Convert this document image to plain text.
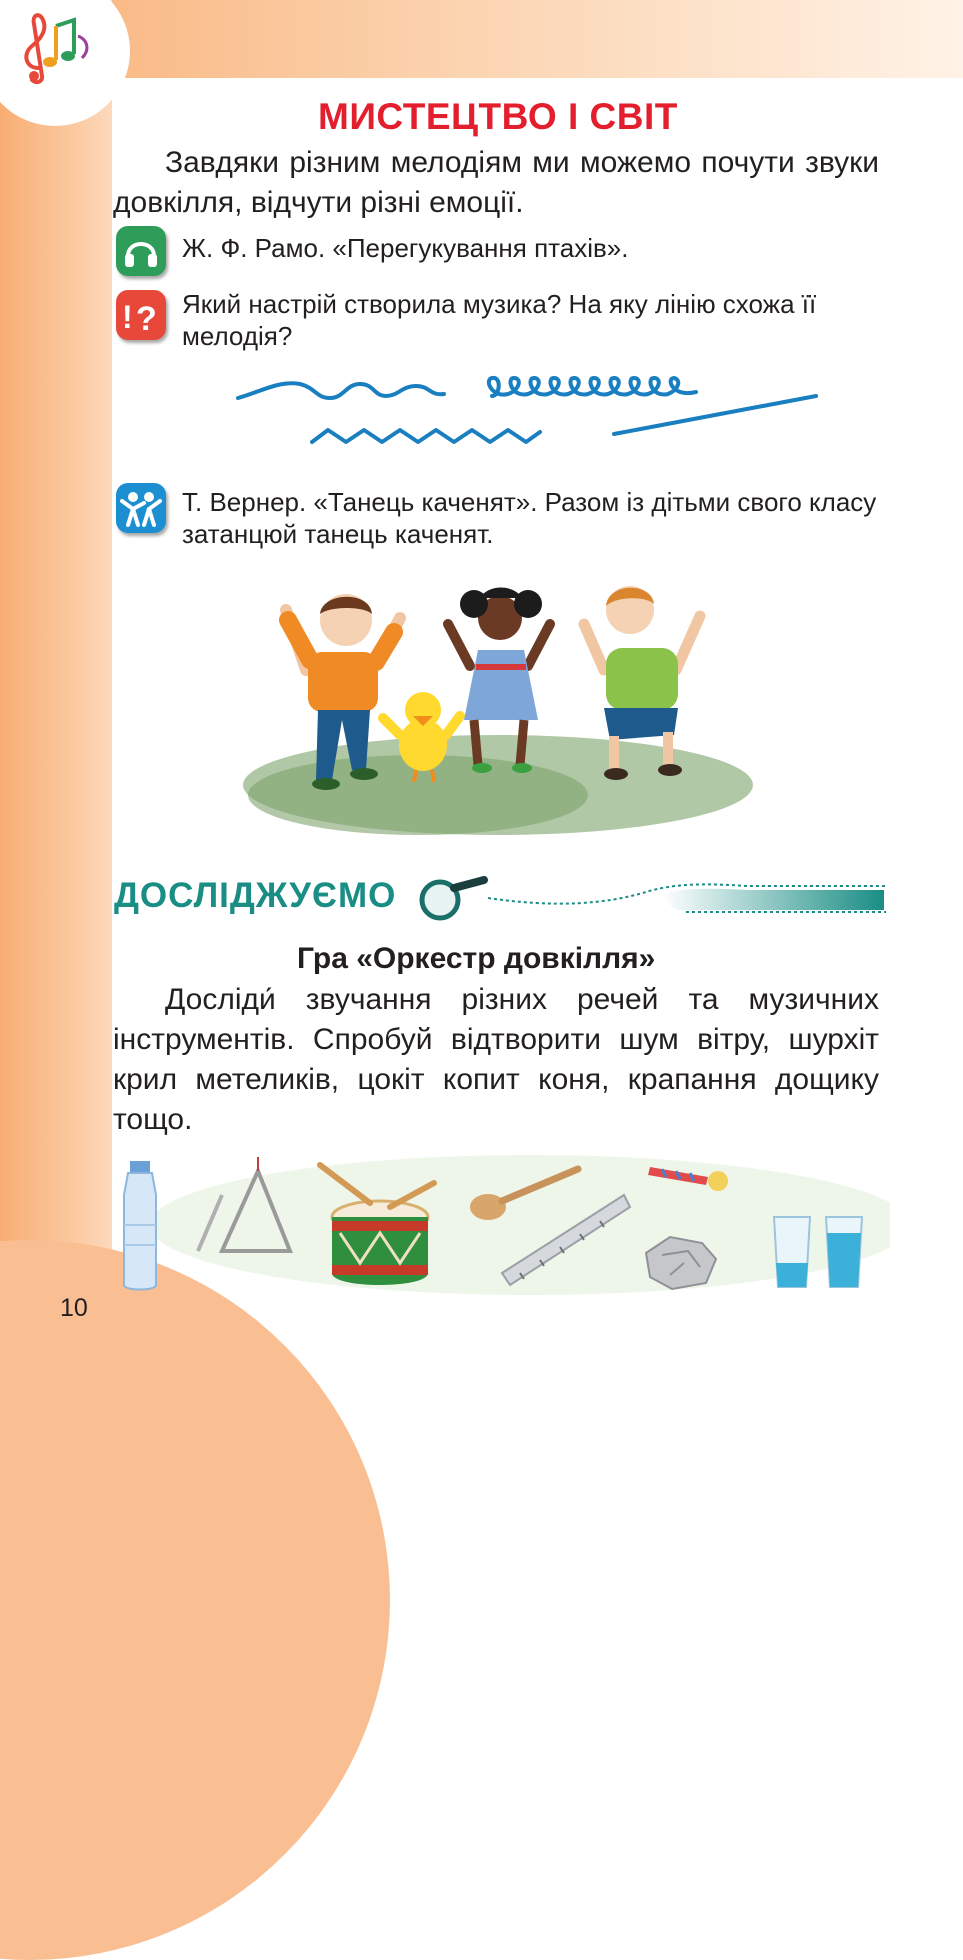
МИСТЕЦТВО І СВІТ
Завдяки різним мелодіям ми можемо почути звуки довкілля, відчути різні емоції.
Ж. Ф. Рамо. «Перегукування птахів».
! ? Який настрій створила музика? На яку лінію схожа її мелодія?
Т. Вернер. «Танець каченят». Разом із дітьми свого класу затанцюй танець каченят.
ДОСЛІДЖУЄМО
Гра «Оркестр довкілля»
Досліди́ звучання різних речей та музичних інструментів. Спробуй відтворити шум вітру, шурхіт крил метеликів, цокіт копит коня, крапання дощику тощо.
10
